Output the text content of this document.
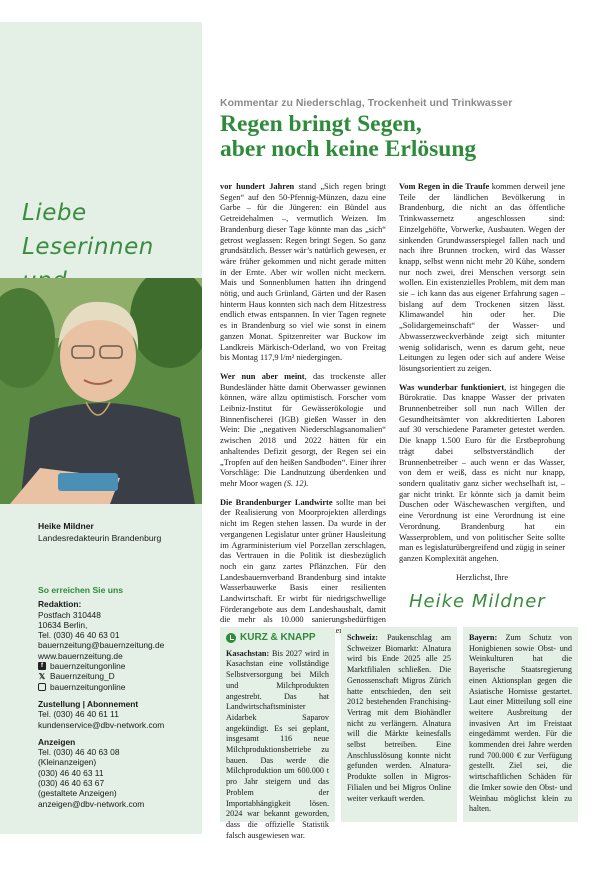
Liebe Leserinnen
Heike Mildner
Landesredakteurin Brandenburg
So erreichen Sie uns
Redaktion:
Postfach 310448
10634 Berlin,
Tel. (030) 46 40 63 01
bauernzeitung@bauernzeitung.de
www.bauernzeitung.de
f bauernzeitungonline
𝕏 Bauernzeitung_D
bauernzeitungonline
Zustellung | Abonnement
Tel. (030) 46 40 61 11
kundenservice@dbv-network.com
Anzeigen
Tel. (030) 46 40 63 08
(Kleinanzeigen)
(030) 46 40 63 11
(030) 46 40 63 67
(gestaltete Anzeigen)
anzeigen@dbv-network.com
Kommentar zu Niederschlag, Trockenheit und Trinkwasser
Regen bringt Segen,
aber noch keine Erlösung

vor hundert Jahren stand „Sich regen bringt Segen“ auf den 50-Pfennig-Münzen, dazu eine Garbe – für die Jüngeren: ein Bündel aus Getreidehalmen –, vermutlich Weizen. Im Brandenburg dieser Tage könnte man das „sich“ getrost weglassen: Regen bringt Segen. So ganz grundsätzlich. Besser wär’s natürlich gewesen, er wäre früher gekommen und nicht gerade mitten in der Ernte. Aber wir wollen nicht meckern. Mais und Sonnenblumen hatten ihn dringend nötig, und auch Grünland, Gärten und der Rasen hinterm Haus konnten sich nach dem Hitzestress endlich etwas entspannen. In vier Tagen regnete es in Brandenburg so viel wie sonst in einem ganzen Monat. Spitzenreiter war Buckow im Landkreis Märkisch-Oderland, wo von Freitag bis Montag 117,9 l/m² niedergingen.

Wer nun aber meint, das trockenste aller Bundesländer hätte damit Oberwasser gewinnen können, wäre allzu optimistisch. Forscher vom Leibniz-Institut für Gewässerökologie und Binnenfischerei (IGB) gießen Wasser in den Wein: Die „negativen Niederschlagsanomalien“ zwischen 2018 und 2022 hätten für ein anhaltendes Defizit gesorgt, der Regen sei ein „Tropfen auf den heißen Sandboden“. Einer ihrer Vorschläge: Die Landnutzung überdenken und mehr Moor wagen (S. 12).

Die Brandenburger Landwirte sollte man bei der Realisierung von Moorprojekten allerdings nicht im Regen stehen lassen. Da wurde in der vergangenen Legislatur unter grüner Hausleitung im Agrarministerium viel Porzellan zerschlagen, das Vertrauen in die Politik ist diesbezüglich noch ein ganz zartes Pflänzchen. Für den Landesbauernverband Brandenburg sind intakte Wasserbauwerke Basis einer resilienten Landwirtschaft. Er wirbt für niedrigschwellige Förderangebote aus dem Landeshaushalt, damit die mehr als 10.000 sanierungsbedürftigen

Vom Regen in die Traufe kommen derweil jene Teile der ländlichen Bevölkerung in Brandenburg, die nicht an das öffentliche Trinkwassernetz angeschlossen sind: Einzelgehöfte, Vorwerke, Ausbauten. Wegen der sinkenden Grundwasserspiegel fallen nach und nach ihre Brunnen trocken, wird das Wasser knapp, selbst wenn nicht mehr 20 Kühe, sondern nur noch zwei, drei Menschen versorgt sein wollen. Ein existenzielles Problem, mit dem man sie – ich kann das aus eigener Erfahrung sagen – bislang auf dem Trockenen sitzen lässt. Klimawandel hin oder her. Die „Solidargemeinschaft“ der Wasser- und Abwasserzweckverbände zeigt sich mitunter wenig solidarisch, wenn es darum geht, neue Leitungen zu legen oder sich auf andere Weise lösungsorientiert zu zeigen.

Was wunderbar funktioniert, ist hingegen die Bürokratie. Das knappe Wasser der privaten Brunnenbetreiber soll nun nach Willen der Gesundheitsämter von akkreditierten Laboren auf 30 verschiedene Parameter getestet werden. Die knapp 1.500 Euro für die Erstbeprobung trägt dabei selbstverständlich der Brunnenbetreiber – auch wenn er das Wasser, von dem er weiß, dass es nicht nur knapp, sondern qualitativ ganz sicher wechselhaft ist, – gar nicht trinkt. Er könnte sich ja damit beim Duschen oder Wäschewaschen vergiften, und eine Verordnung ist eine Verordnung ist eine Verordnung. Brandenburg hat ein Wasserproblem, und von politischer Seite sollte man es legislaturübergreifend und zügig in seiner ganzen Komplexität angehen.

Herzlichst, Ihre
Heike Mildner
KURZ & KNAPP
Kasachstan: Bis 2027 wird in Kasachstan eine vollständige Selbstversorgung bei Milch und Milchprodukten angestrebt. Das hat Landwirtschaftsminister Aidarbek Saparov angekündigt. Es sei geplant, insgesamt 116 neue Milchproduktionsbetriebe zu bauen. Das werde die Milchproduktion um 600.000 t pro Jahr steigern und das Problem der Importabhängigkeit lösen. 2024 war bekannt geworden, dass die offizielle Statistik falsch ausgewiesen war.
Schweiz: Paukenschlag am Schweizer Biomarkt: Alnatura wird bis Ende 2025 alle 25 Marktfilialen schließen. Die Genossenschaft Migros Zürich hatte entschieden, den seit 2012 bestehenden Franchising-Vertrag mit dem Biohändler nicht zu verlängern. Alnatura will die Märkte keinesfalls selbst betreiben. Eine Anschlusslösung konnte nicht gefunden werden. Alnatura-Produkte sollen in Migros-Filialen und bei Migros Online weiter verkauft werden.
Bayern: Zum Schutz von Honigbienen sowie Obst- und Weinkulturen hat die Bayerische Staatsregierung einen Aktionsplan gegen die Asiatische Hornisse gestartet. Laut einer Mitteilung soll eine weitere Ausbreitung der invasiven Art im Freistaat eingedämmt werden. Für die kommenden drei Jahre werden rund 700.000 € zur Verfügung gestellt. Ziel sei, die wirtschaftlichen Schäden für die Imker sowie den Obst- und Weinbau möglichst klein zu halten.
